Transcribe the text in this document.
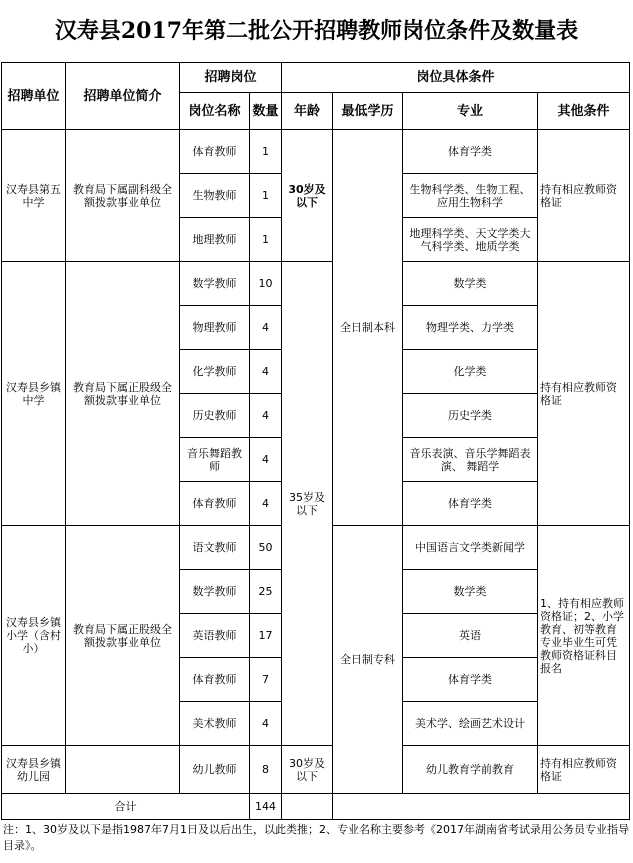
汉寿县2017年第二批公开招聘教师岗位条件及数量表
招聘单位	招聘单位简介	招聘岗位		岗位具体条件			
		岗位名称	数量	年龄	最低学历	专业	其他条件
汉寿县第五中学	教育局下属副科级全额拨款事业单位	体育教师	1	30岁及以下	全日制本科	体育学类	持有相应教师资格证
		生物教师	1			生物科学类、生物工程、应用生物科学	
		地理教师	1			地理科学类、天文学类大气科学类、地质学类	
汉寿县乡镇中学	教育局下属正股级全额拨款事业单位	数学教师	10	35岁及以下		数学类	持有相应教师资格证
		物理教师	4			物理学类、力学类	
		化学教师	4			化学类	
		历史教师	4			历史学类	
		音乐舞蹈教师	4			音乐表演、音乐学舞蹈表演、 舞蹈学	
		体育教师	4			体育学类	
汉寿县乡镇小学（含村小）	教育局下属正股级全额拨款事业单位	语文教师	50		全日制专科	中国语言文学类新闻学	1、持有相应教师资格证；2、小学教育、初等教育专业毕业生可凭教师资格证科目报名
		数学教师	25			数学类	
		英语教师	17			英语	
		体育教师	7			体育学类	
		美术教师	4			美术学、绘画艺术设计	
汉寿县乡镇幼儿园		幼儿教师	8	30岁及以下		幼儿教育学前教育	持有相应教师资格证
合计			144				
注：1、30岁及以下是指1987年7月1日及以后出生，以此类推；2、专业名称主要参考《2017年湖南省考试录用公务员专业指导目录》。
